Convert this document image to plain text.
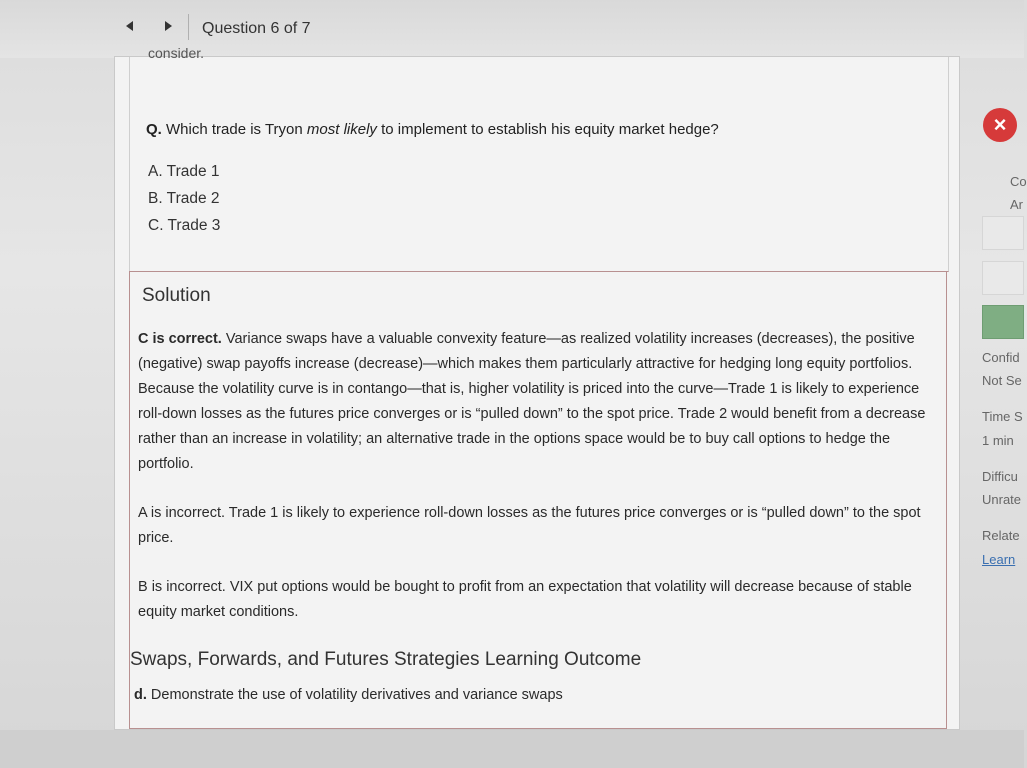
Question 6 of 7
consider.
Q. Which trade is Tryon most likely to implement to establish his equity market hedge?
A. Trade 1
B. Trade 2
C. Trade 3
Solution
C is correct. Variance swaps have a valuable convexity feature—as realized volatility increases (decreases), the positive (negative) swap payoffs increase (decrease)—which makes them particularly attractive for hedging long equity portfolios. Because the volatility curve is in contango—that is, higher volatility is priced into the curve—Trade 1 is likely to experience roll-down losses as the futures price converges or is “pulled down” to the spot price. Trade 2 would benefit from a decrease rather than an increase in volatility; an alternative trade in the options space would be to buy call options to hedge the portfolio.
A is incorrect. Trade 1 is likely to experience roll-down losses as the futures price converges or is “pulled down” to the spot price.
B is incorrect. VIX put options would be bought to profit from an expectation that volatility will decrease because of stable equity market conditions.
Swaps, Forwards, and Futures Strategies Learning Outcome
d. Demonstrate the use of volatility derivatives and variance swaps
×
Co
Ar
Confid
Not Se
Time S
1 min
Difficu
Unrate
Relate
Learn
